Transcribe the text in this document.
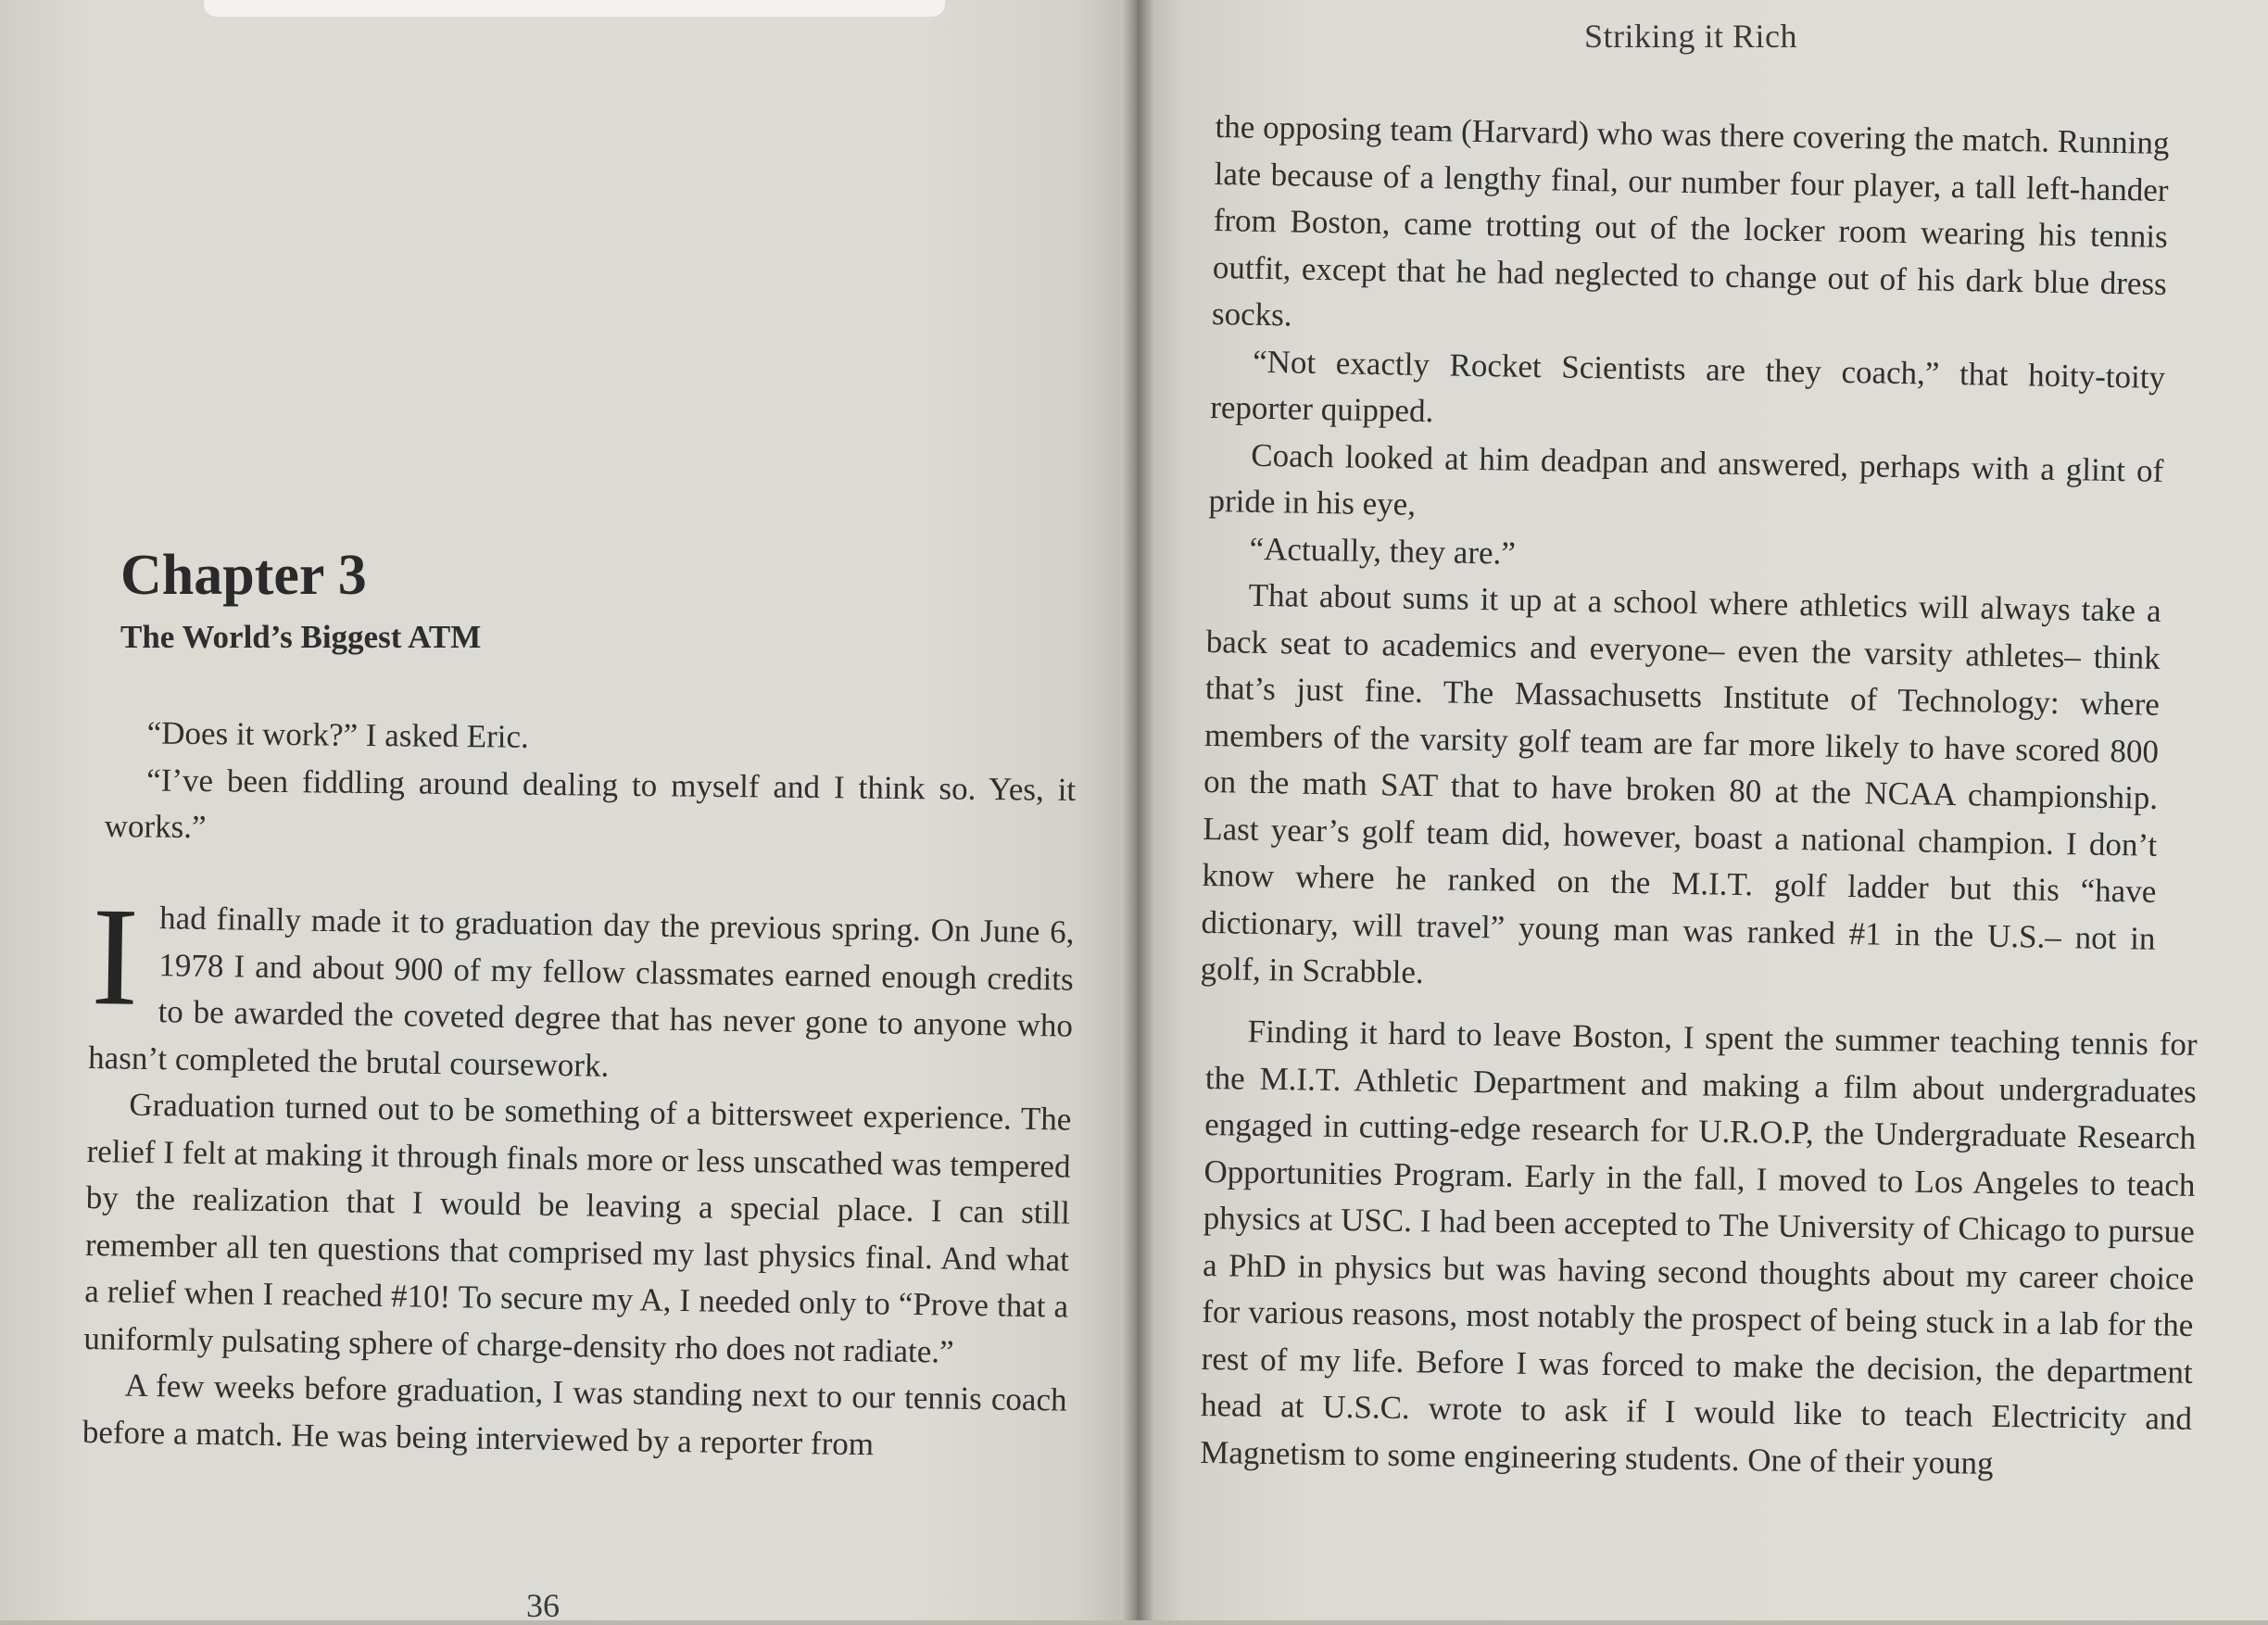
Striking it Rich
Chapter 3
The World’s Biggest ATM

“Does it work?” I asked Eric.

“I’ve been fiddling around dealing to myself and I think so. Yes, it works.”

Ihad finally made it to graduation day the previous spring. On June 6, 1978 I and about 900 of my fellow classmates earned enough credits to be awarded the coveted degree that has never gone to anyone who hasn’t completed the brutal coursework.

Graduation turned out to be something of a bittersweet experience. The relief I felt at making it through finals more or less unscathed was tempered by the realization that I would be leaving a special place. I can still remember all ten questions that comprised my last physics final. And what a relief when I reached #10! To secure my A, I needed only to “Prove that a uniformly pulsating sphere of charge-density rho does not radiate.”

A few weeks before graduation, I was standing next to our tennis coach before a match. He was being interviewed by a reporter from

36

the opposing team (Harvard) who was there covering the match. Running late because of a lengthy final, our number four player, a tall left-hander from Boston, came trotting out of the locker room wearing his tennis outfit, except that he had neglected to change out of his dark blue dress socks.

“Not exactly Rocket Scientists are they coach,” that hoity-toity reporter quipped.

Coach looked at him deadpan and answered, perhaps with a glint of pride in his eye,

“Actually, they are.”

That about sums it up at a school where athletics will always take a back seat to academics and everyone– even the varsity athletes– think that’s just fine. The Massachusetts Institute of Technology: where members of the varsity golf team are far more likely to have scored 800 on the math SAT that to have broken 80 at the NCAA championship. Last year’s golf team did, however, boast a national champion. I don’t know where he ranked on the M.I.T. golf ladder but this “have dictionary, will travel” young man was ranked #1 in the U.S.– not in golf, in Scrabble.

Finding it hard to leave Boston, I spent the summer teaching tennis for the M.I.T. Athletic Department and making a film about undergraduates engaged in cutting-edge research for U.R.O.P, the Undergraduate Research Opportunities Program. Early in the fall, I moved to Los Angeles to teach physics at USC. I had been accepted to The University of Chicago to pursue a PhD in physics but was having second thoughts about my career choice for various reasons, most notably the prospect of being stuck in a lab for the rest of my life. Before I was forced to make the decision, the department head at U.S.C. wrote to ask if I would like to teach Electricity and Magnetism to some engineering students. One of their young
